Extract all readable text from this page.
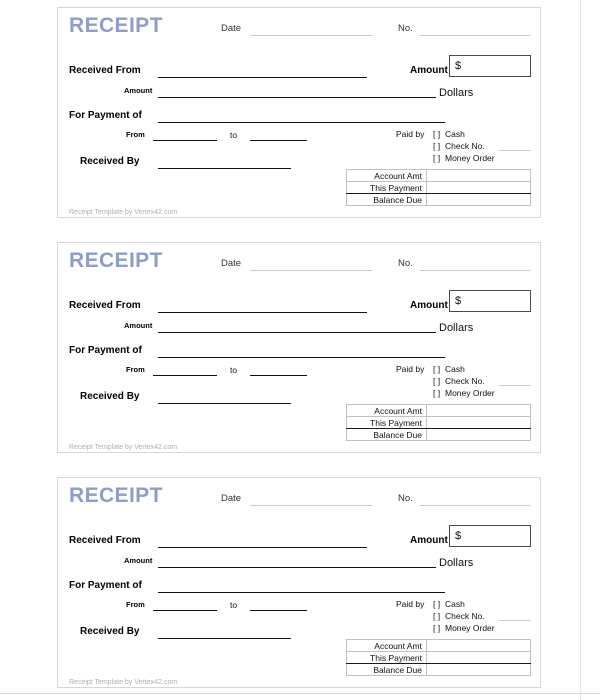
RECEIPT	Date	No.
Received From
Amount	Dollars
Amount $
For Payment of
From	to
Received By
Paid by [ ] Cash
[ ] Check No.
[ ] Money Order
Account Amt	
This Payment	
Balance Due	
Receipt Template by Vertex42.com
RECEIPT	Date	No.
Received From
Amount	Dollars
Amount $
For Payment of
From	to
Received By
Paid by [ ] Cash
[ ] Check No.
[ ] Money Order
Account Amt	
This Payment	
Balance Due	
Receipt Template by Vertex42.com
RECEIPT	Date	No.
Received From
Amount	Dollars
Amount $
For Payment of
From	to
Received By
Paid by [ ] Cash
[ ] Check No.
[ ] Money Order
Account Amt	
This Payment	
Balance Due	
Receipt Template by Vertex42.com
